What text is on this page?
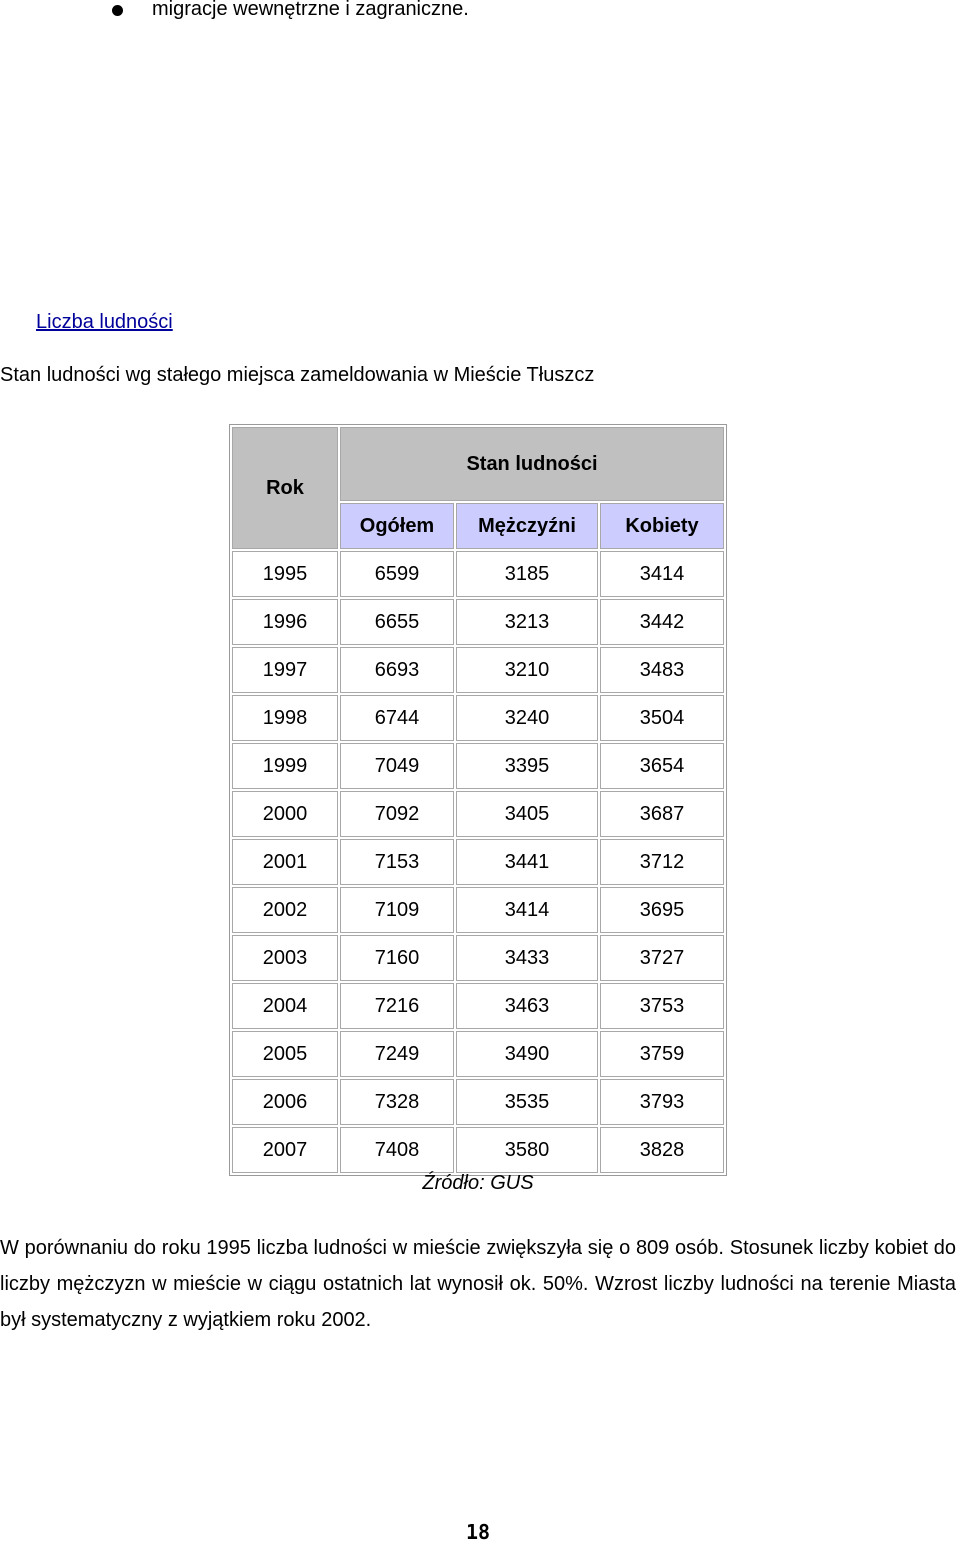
migracje wewnętrzne i zagraniczne.
Liczba ludności
Stan ludności wg stałego miejsca zameldowania w Mieście Tłuszcz
Rok	Stan ludności		
	Ogółem	Mężczyźni	Kobiety
1995	6599	3185	3414
1996	6655	3213	3442
1997	6693	3210	3483
1998	6744	3240	3504
1999	7049	3395	3654
2000	7092	3405	3687
2001	7153	3441	3712
2002	7109	3414	3695
2003	7160	3433	3727
2004	7216	3463	3753
2005	7249	3490	3759
2006	7328	3535	3793
2007	7408	3580	3828
Źródło: GUS
W porównaniu do roku 1995 liczba ludności w mieście zwiększyła się o 809 osób. Stosunek liczby kobiet do liczby mężczyzn w mieście w ciągu ostatnich lat wynosił ok. 50%. Wzrost liczby ludności na terenie Miasta był systematyczny z wyjątkiem roku 2002.
18
